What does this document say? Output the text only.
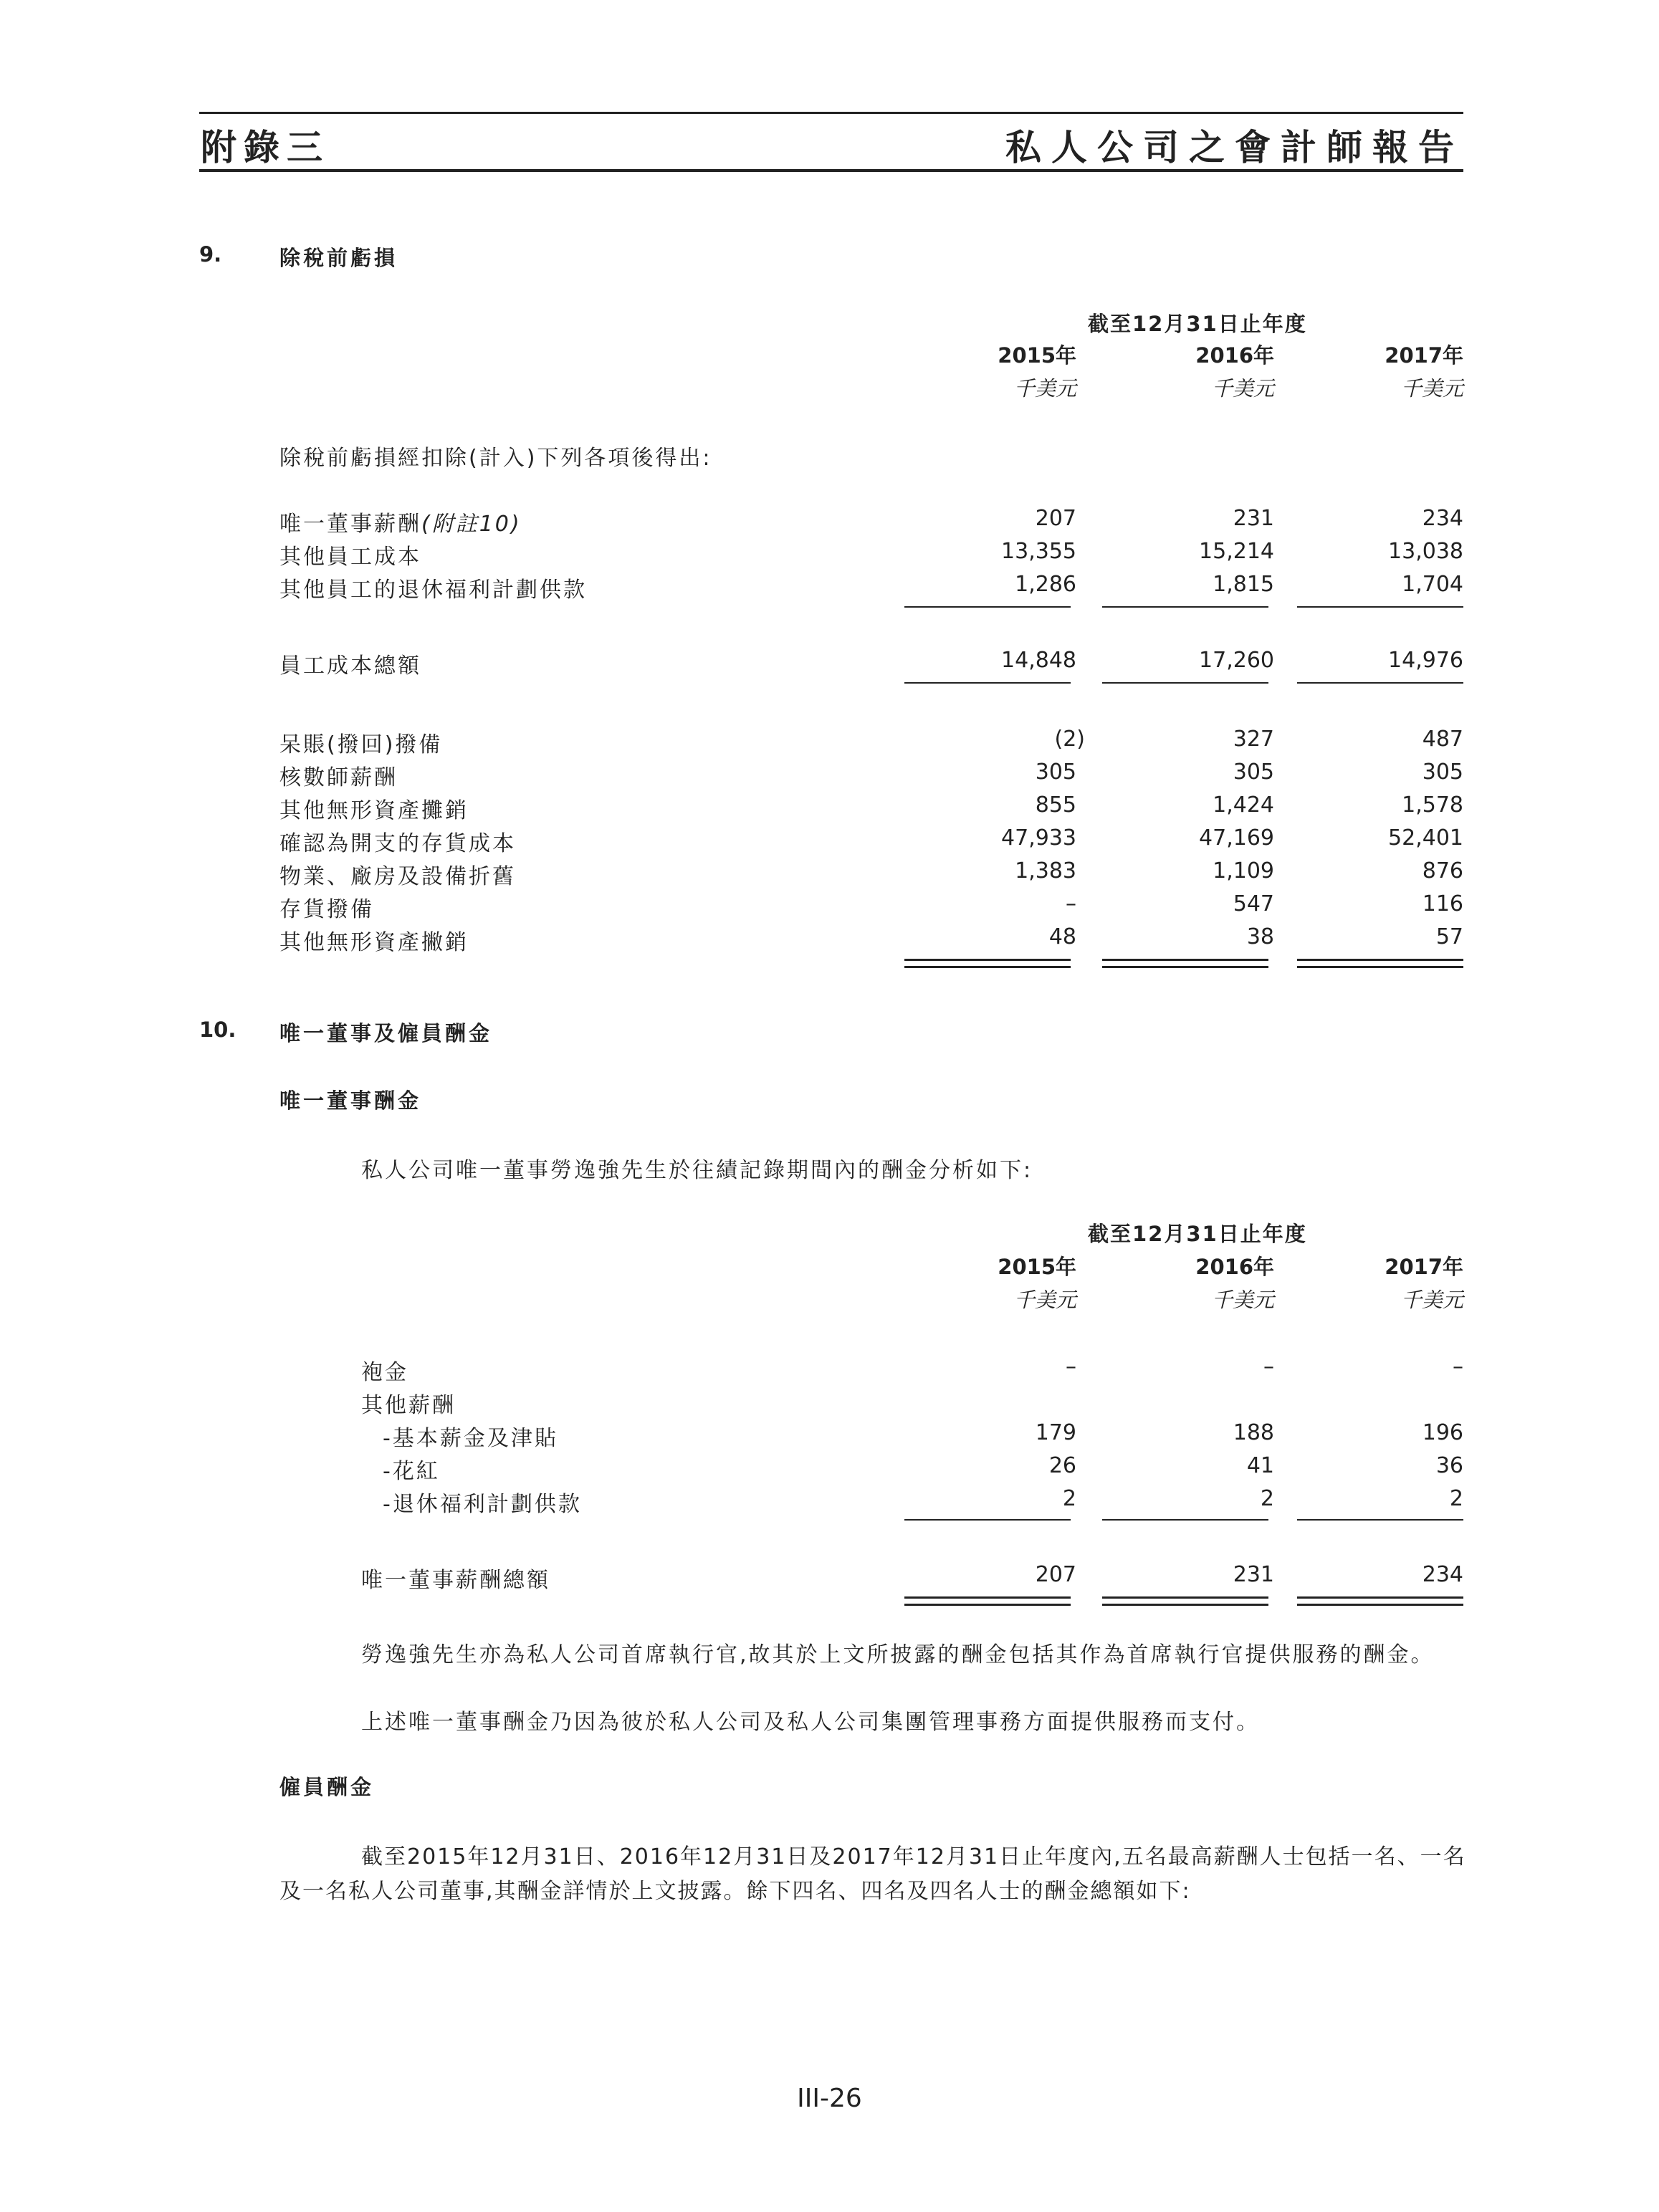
附錄三	私人公司之會計師報告
9.	除稅前虧損
截至12月31日止年度
2015年	2016年	2017年
千美元	千美元	千美元
除稅前虧損經扣除(計入)下列各項後得出:
唯一董事薪酬(附註10)	207	231	234
其他員工成本	13,355	15,214	13,038
其他員工的退休福利計劃供款	1,286	1,815	1,704
員工成本總額	14,848	17,260	14,976
呆賬(撥回)撥備	(2)	327	487
核數師薪酬	305	305	305
其他無形資產攤銷	855	1,424	1,578
確認為開支的存貨成本	47,933	47,169	52,401
物業、廠房及設備折舊	1,383	1,109	876
存貨撥備	–	547	116
其他無形資產撇銷	48	38	57
10. 唯一董事及僱員酬金
唯一董事酬金
私人公司唯一董事勞逸強先生於往績記錄期間內的酬金分析如下:
截至12月31日止年度
2015年	2016年	2017年
千美元	千美元	千美元
袍金	–	–	–
其他薪酬
-基本薪金及津貼	179	188	196
-花紅	26	41	36
-退休福利計劃供款	2	2	2
唯一董事薪酬總額	207	231	234
勞逸強先生亦為私人公司首席執行官,故其於上文所披露的酬金包括其作為首席執行官提供服務的酬金。
上述唯一董事酬金乃因為彼於私人公司及私人公司集團管理事務方面提供服務而支付。
僱員酬金
截至2015年12月31日、2016年12月31日及2017年12月31日止年度內,五名最高薪酬人士包括一名、一名
及一名私人公司董事,其酬金詳情於上文披露。餘下四名、四名及四名人士的酬金總額如下:
III-26
